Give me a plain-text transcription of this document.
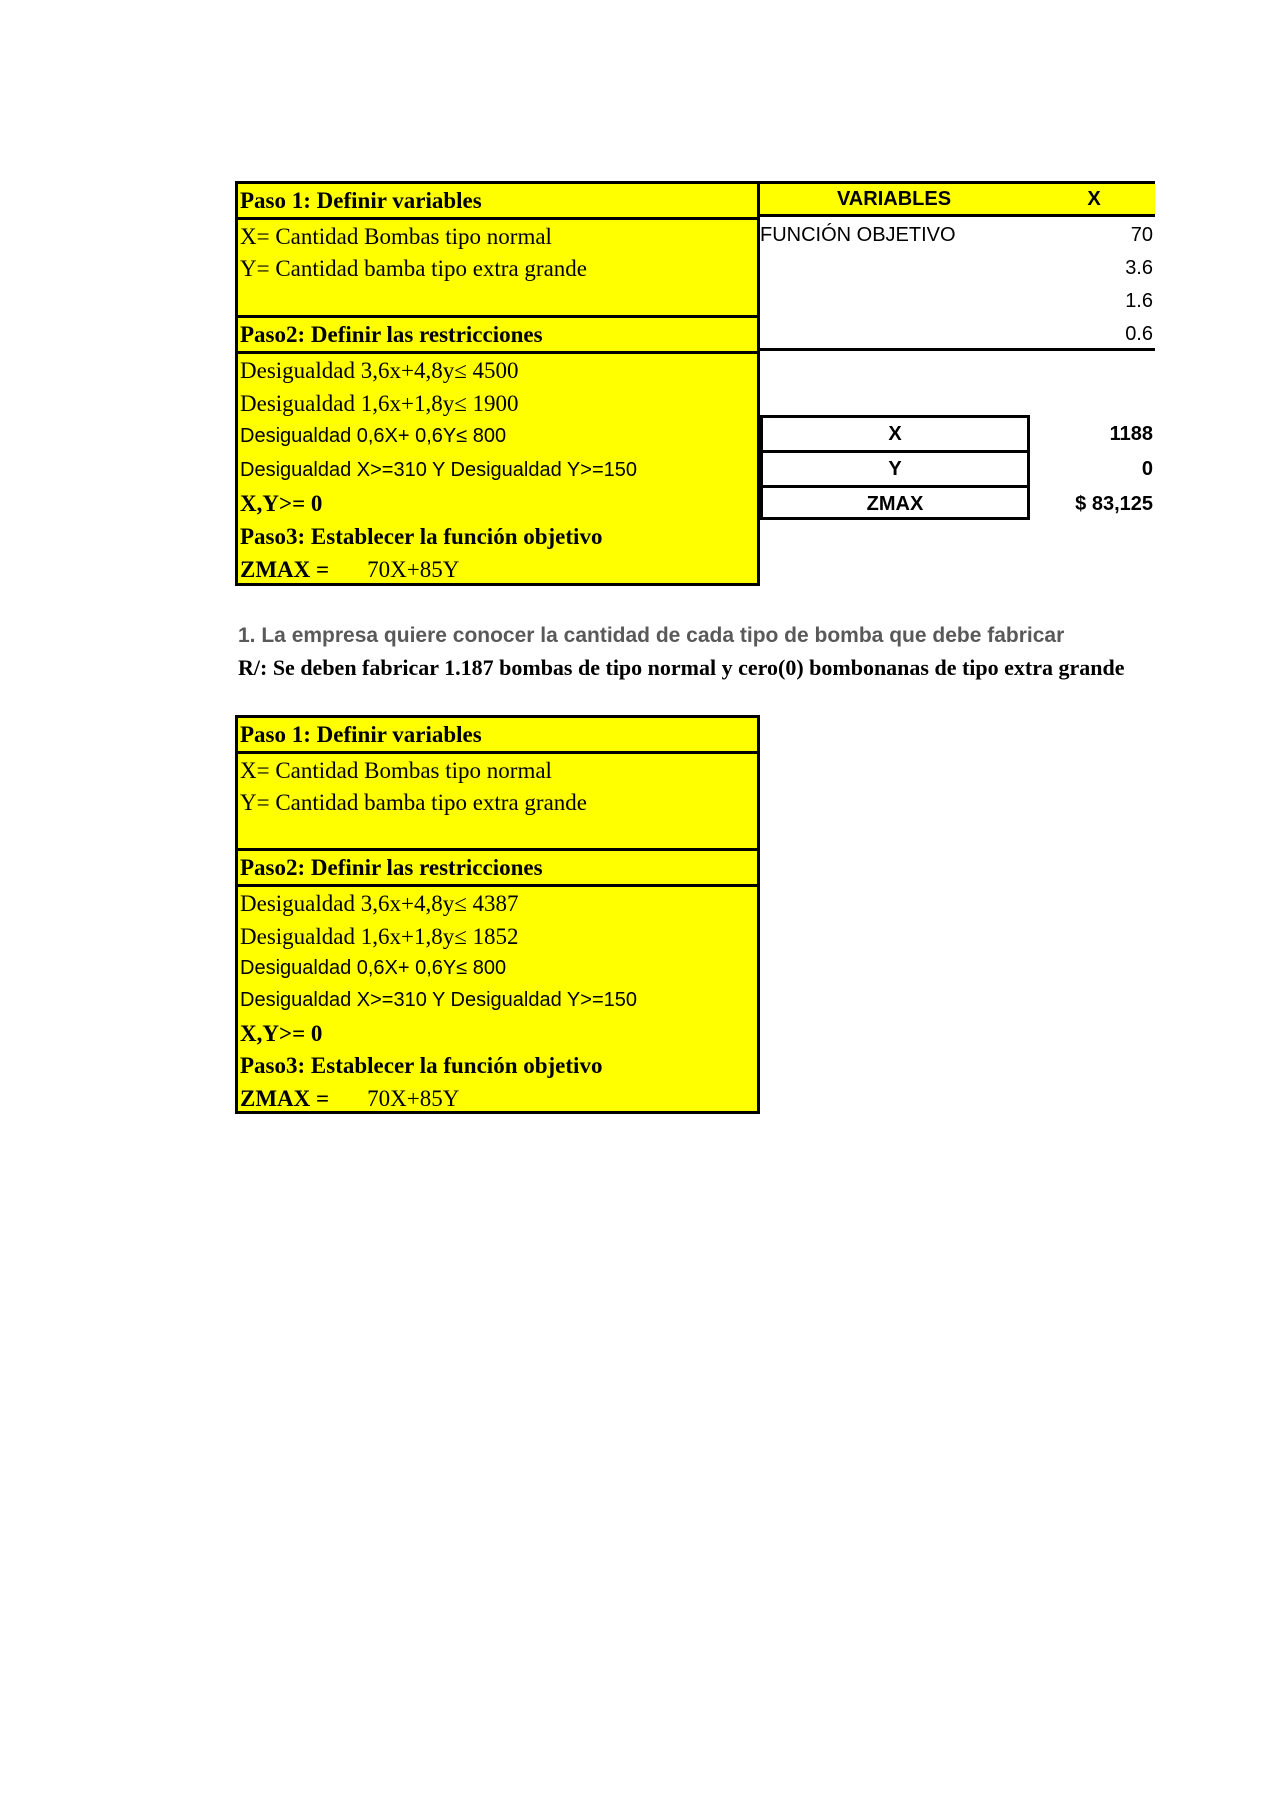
Paso 1: Definir variables
X= Cantidad Bombas tipo normal
Y= Cantidad bamba tipo extra grande
Paso2: Definir las restricciones
Desigualdad 3,6x+4,8y≤ 4500
Desigualdad 1,6x+1,8y≤ 1900
Desigualdad 0,6X+ 0,6Y≤ 800
Desigualdad X>=310 Y Desigualdad Y>=150
X,Y>= 0
Paso3: Establecer la función objetivo
ZMAX = 70X+85Y
VARIABLES	X
FUNCIÓN OBJETIVO	70
3.6
1.6
0.6
X
Y
ZMAX
1188
0
$ 83,125
1. La empresa quiere conocer la cantidad de cada tipo de bomba que debe fabricar
R/: Se deben fabricar 1.187 bombas de tipo normal y cero(0) bombonanas de tipo extra grande
Paso 1: Definir variables
X= Cantidad Bombas tipo normal
Y= Cantidad bamba tipo extra grande
Paso2: Definir las restricciones
Desigualdad 3,6x+4,8y≤ 4387
Desigualdad 1,6x+1,8y≤ 1852
Desigualdad 0,6X+ 0,6Y≤ 800
Desigualdad X>=310 Y Desigualdad Y>=150
X,Y>= 0
Paso3: Establecer la función objetivo
ZMAX = 70X+85Y
